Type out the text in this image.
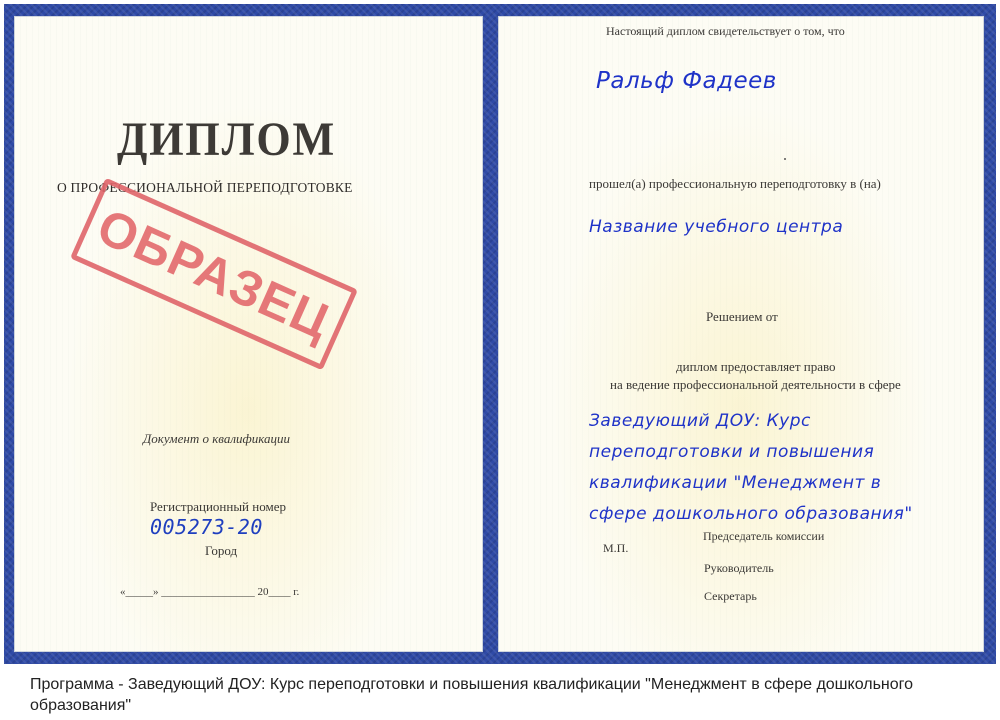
ДИПЛОМ
О ПРОФЕССИОНАЛЬНОЙ ПЕРЕПОДГОТОВКЕ
ОБРАЗЕЦ
Документ о квалификации
Регистрационный номер
005273-20
Город
«_____» _________________ 20____ г.
Настоящий диплом свидетельствует о том, что
Ральф Фадеев
прошел(а) профессиональную переподготовку в (на)
Название учебного центра
Решением от
диплом предоставляет право
на ведение профессиональной деятельности в сфере
Заведующий ДОУ: Курс
переподготовки и повышения
квалификации "Менеджмент в
сфере дошкольного образования"
Председатель комиссии
М.П.
Руководитель
Секретарь
Программа - Заведующий ДОУ: Курс переподготовки и повышения квалификации "Менеджмент в сфере дошкольного образования"
